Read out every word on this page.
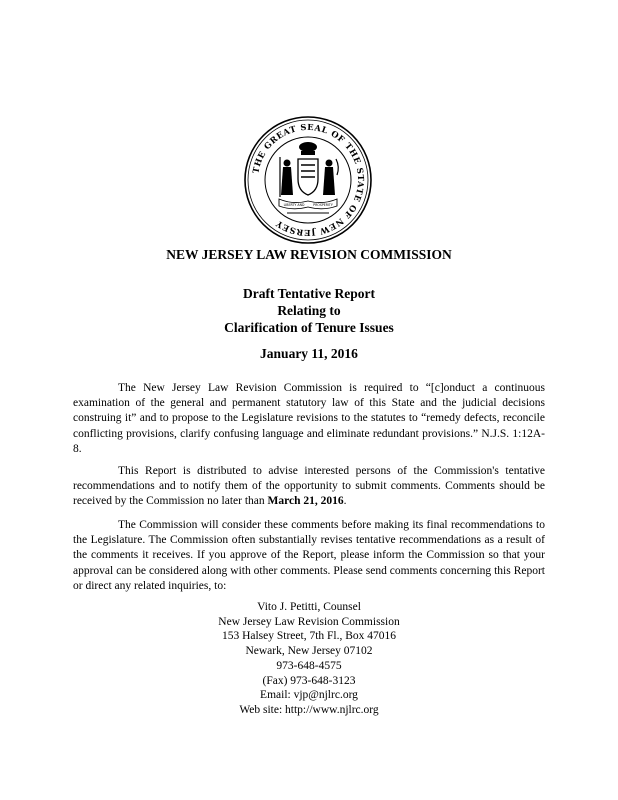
THE GREAT SEAL OF THE STATE OF NEW JERSEY
LIBERTY AND	PROSPERITY
NEW JERSEY LAW REVISION COMMISSION
Draft Tentative Report
Relating to
Clarification of Tenure Issues
January 11, 2016

The New Jersey Law Revision Commission is required to “[c]onduct a continuous examination of the general and permanent statutory law of this State and the judicial decisions construing it” and to propose to the Legislature revisions to the statutes to “remedy defects, reconcile conflicting provisions, clarify confusing language and eliminate redundant provisions.” N.J.S. 1:12A-8.

This Report is distributed to advise interested persons of the Commission's tentative recommendations and to notify them of the opportunity to submit comments. Comments should be received by the Commission no later than March 21, 2016.

The Commission will consider these comments before making its final recommendations to the Legislature. The Commission often substantially revises tentative recommendations as a result of the comments it receives. If you approve of the Report, please inform the Commission so that your approval can be considered along with other comments. Please send comments concerning this Report or direct any related inquiries, to:

Vito J. Petitti, Counsel
New Jersey Law Revision Commission
153 Halsey Street, 7th Fl., Box 47016
Newark, New Jersey 07102
973-648-4575
(Fax) 973-648-3123
Email: vjp@njlrc.org
Web site: http://www.njlrc.org
